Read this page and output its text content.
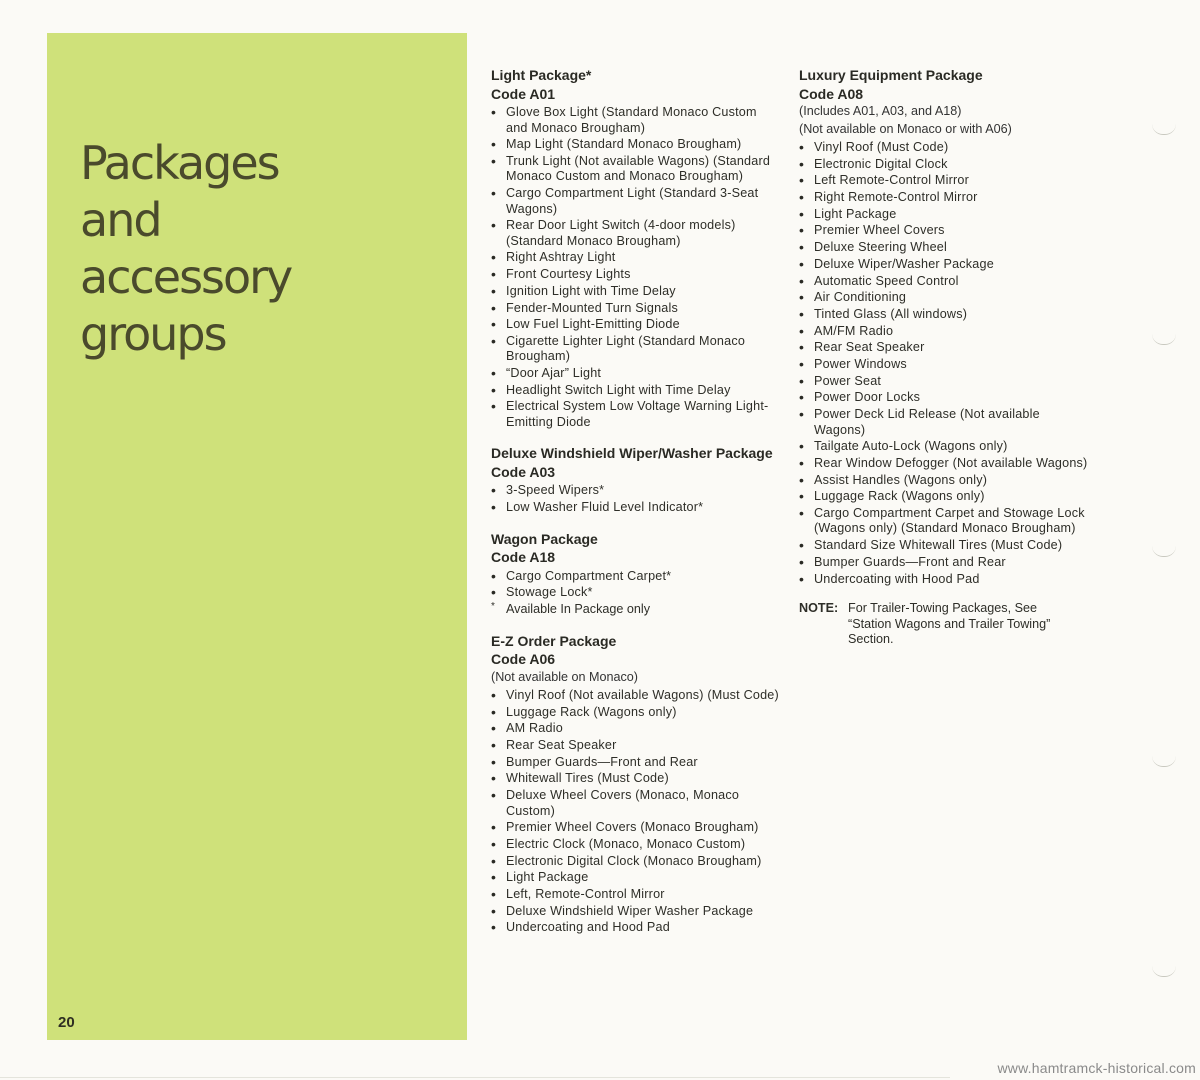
Packages
and
accessory
groups
20
Light Package*
Code A01
• Glove Box Light (Standard Monaco Custom and Monaco Brougham)
• Map Light (Standard Monaco Brougham)
• Trunk Light (Not available Wagons) (Standard Monaco Custom and Monaco Brougham)
• Cargo Compartment Light (Standard 3-Seat Wagons)
• Rear Door Light Switch (4-door models) (Standard Monaco Brougham)
• Right Ashtray Light
• Front Courtesy Lights
• Ignition Light with Time Delay
• Fender-Mounted Turn Signals
• Low Fuel Light-Emitting Diode
• Cigarette Lighter Light (Standard Monaco Brougham)
• “Door Ajar” Light
• Headlight Switch Light with Time Delay
• Electrical System Low Voltage Warning Light-Emitting Diode
Deluxe Windshield Wiper/Washer Package
Code A03
• 3-Speed Wipers*
• Low Washer Fluid Level Indicator*
Wagon Package
Code A18
• Cargo Compartment Carpet*
• Stowage Lock*
* Available In Package only
E-Z Order Package
Code A06
(Not available on Monaco)
• Vinyl Roof (Not available Wagons) (Must Code)
• Luggage Rack (Wagons only)
• AM Radio
• Rear Seat Speaker
• Bumper Guards—Front and Rear
• Whitewall Tires (Must Code)
• Deluxe Wheel Covers (Monaco, Monaco Custom)
• Premier Wheel Covers (Monaco Brougham)
• Electric Clock (Monaco, Monaco Custom)
• Electronic Digital Clock (Monaco Brougham)
• Light Package
• Left, Remote-Control Mirror
• Deluxe Windshield Wiper Washer Package
• Undercoating and Hood Pad
Luxury Equipment Package
Code A08
(Includes A01, A03, and A18)
(Not available on Monaco or with A06)
• Vinyl Roof (Must Code)
• Electronic Digital Clock
• Left Remote-Control Mirror
• Right Remote-Control Mirror
• Light Package
• Premier Wheel Covers
• Deluxe Steering Wheel
• Deluxe Wiper/Washer Package
• Automatic Speed Control
• Air Conditioning
• Tinted Glass (All windows)
• AM/FM Radio
• Rear Seat Speaker
• Power Windows
• Power Seat
• Power Door Locks
• Power Deck Lid Release (Not available Wagons)
• Tailgate Auto-Lock (Wagons only)
• Rear Window Defogger (Not available Wagons)
• Assist Handles (Wagons only)
• Luggage Rack (Wagons only)
• Cargo Compartment Carpet and Stowage Lock (Wagons only) (Standard Monaco Brougham)
• Standard Size Whitewall Tires (Must Code)
• Bumper Guards—Front and Rear
• Undercoating with Hood Pad
NOTE: For Trailer-Towing Packages, See “Station Wagons and Trailer Towing” Section.
www.hamtramck-historical.com
